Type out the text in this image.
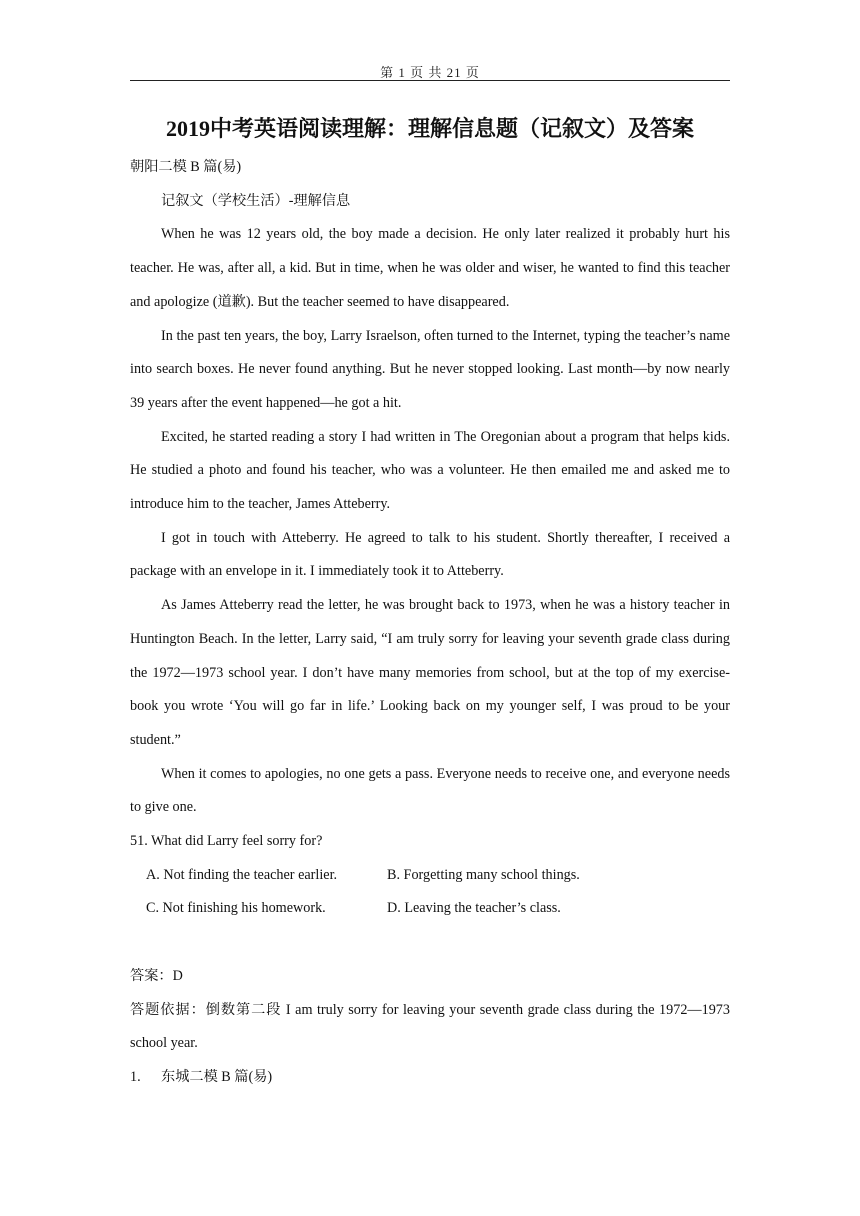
第 1 页 共 21 页
2019中考英语阅读理解：理解信息题（记叙文）及答案

朝阳二模 B 篇(易)

记叙文（学校生活）-理解信息

When he was 12 years old, the boy made a decision. He only later realized it probably hurt his teacher. He was, after all, a kid. But in time, when he was older and wiser, he wanted to find this teacher and apologize (道歉). But the teacher seemed to have disappeared.

In the past ten years, the boy, Larry Israelson, often turned to the Internet, typing the teacher’s name into search boxes. He never found anything. But he never stopped looking. Last month—by now nearly 39 years after the event happened—he got a hit.

Excited, he started reading a story I had written in The Oregonian about a program that helps kids. He studied a photo and found his teacher, who was a volunteer. He then emailed me and asked me to introduce him to the teacher, James Atteberry.

I got in touch with Atteberry. He agreed to talk to his student. Shortly thereafter, I received a package with an envelope in it. I immediately took it to Atteberry.

As James Atteberry read the letter, he was brought back to 1973, when he was a history teacher in Huntington Beach. In the letter, Larry said, “I am truly sorry for leaving your seventh grade class during the 1972—1973 school year. I don’t have many memories from school, but at the top of my exercise-book you wrote ‘You will go far in life.’ Looking back on my younger self, I was proud to be your student.”

When it comes to apologies, no one gets a pass. Everyone needs to receive one, and everyone needs to give one.

51. What did Larry feel sorry for?

A. Not finding the teacher earlier.	B. Forgetting many school things.
C. Not finishing his homework.	D. Leaving the teacher’s class.

答案：D

答题依据：倒数第二段 I am truly sorry for leaving your seventh grade class during the 1972—1973 school year.

1. 东城二模 B 篇(易)
